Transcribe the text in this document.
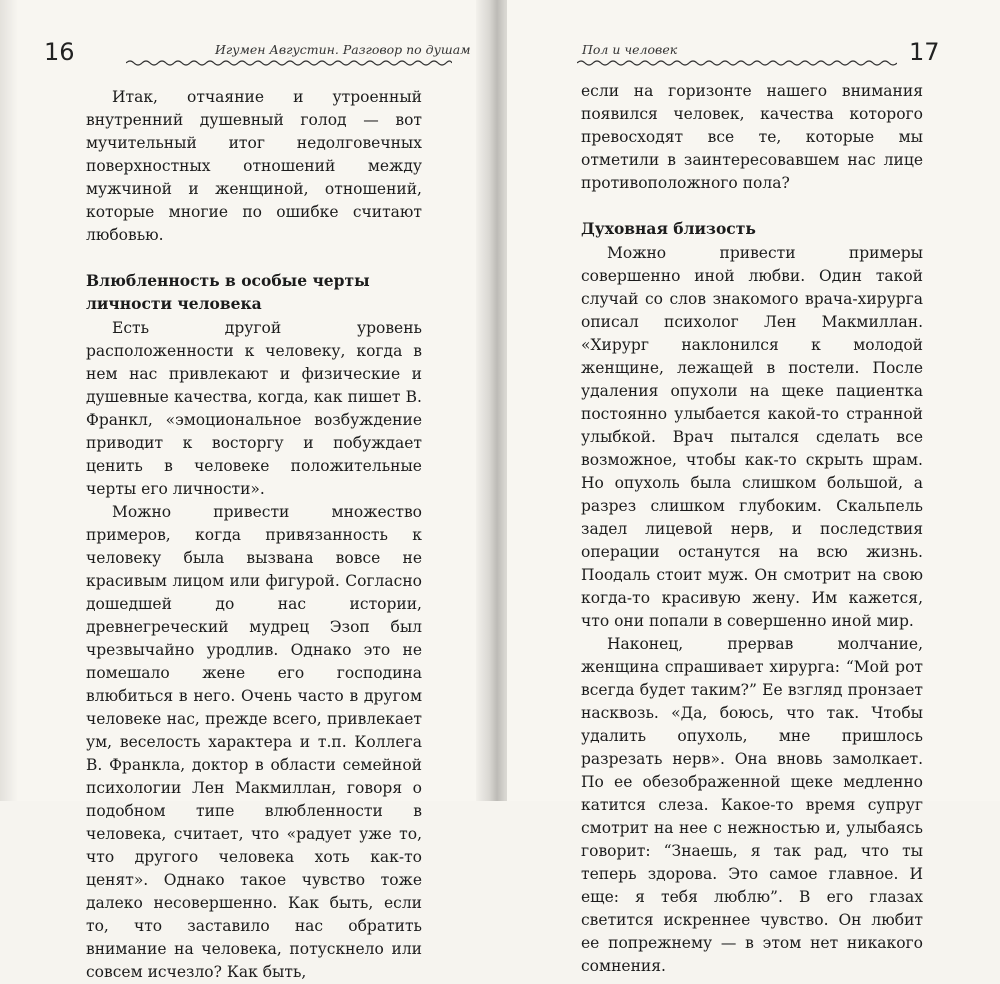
16	Игумен Августин. Разговор по душам

Итак, отчаяние и утроенный внутренний душевный голод — вот мучительный итог недолговечных поверхностных отношений между мужчиной и женщиной, отношений, которые многие по ошибке считают любовью.

Влюбленность в особые черты личности человека

Есть другой уровень расположенности к человеку, когда в нем нас привлекают и физические и душевные качества, когда, как пишет В. Франкл, «эмоциональное возбуждение приводит к восторгу и побуждает ценить в человеке положительные черты его личности».

Можно привести множество примеров, когда привязанность к человеку была вызвана вовсе не красивым лицом или фигурой. Согласно дошедшей до нас истории, древнегреческий мудрец Эзоп был чрезвычайно уродлив. Однако это не помешало жене его господина влюбиться в него. Очень часто в другом человеке нас, прежде всего, привлекает ум, веселость характера и т.п. Коллега В. Франкла, доктор в области семейной психологии Лен Макмиллан, говоря о подобном типе влюбленности в человека, считает, что «радует уже то, что другого человека хоть как-то ценят». Однако такое чувство тоже далеко несовершенно. Как быть, если то, что заставило нас обратить внимание на человека, потускнело или совсем исчезло? Как быть,

Пол и человек	17

если на горизонте нашего внимания появился человек, качества которого превосходят все те, которые мы отметили в заинтересовавшем нас лице противоположного пола?

Духовная близость

Можно привести примеры совершенно иной любви. Один такой случай со слов знакомого врача-хирурга описал психолог Лен Макмиллан. «Хирург наклонился к молодой женщине, лежащей в постели. После удаления опухоли на щеке пациентка постоянно улыбается какой-то странной улыбкой. Врач пытался сделать все возможное, чтобы как-то скрыть шрам. Но опухоль была слишком большой, а разрез слишком глубоким. Скальпель задел лицевой нерв, и последствия операции останутся на всю жизнь. Поодаль стоит муж. Он смотрит на свою когда-то красивую жену. Им кажется, что они попали в совершенно иной мир.

Наконец, прервав молчание, женщина спрашивает хирурга: “Мой рот всегда будет таким?” Ее взгляд пронзает насквозь. «Да, боюсь, что так. Чтобы удалить опухоль, мне пришлось разрезать нерв». Она вновь замолкает. По ее обезображенной щеке медленно катится слеза. Какое-то время супруг смотрит на нее с нежностью и, улыбаясь говорит: “Знаешь, я так рад, что ты теперь здорова. Это самое главное. И еще: я тебя люблю”. В его глазах светится искреннее чувство. Он любит ее попрежнему — в этом нет никакого сомнения.
